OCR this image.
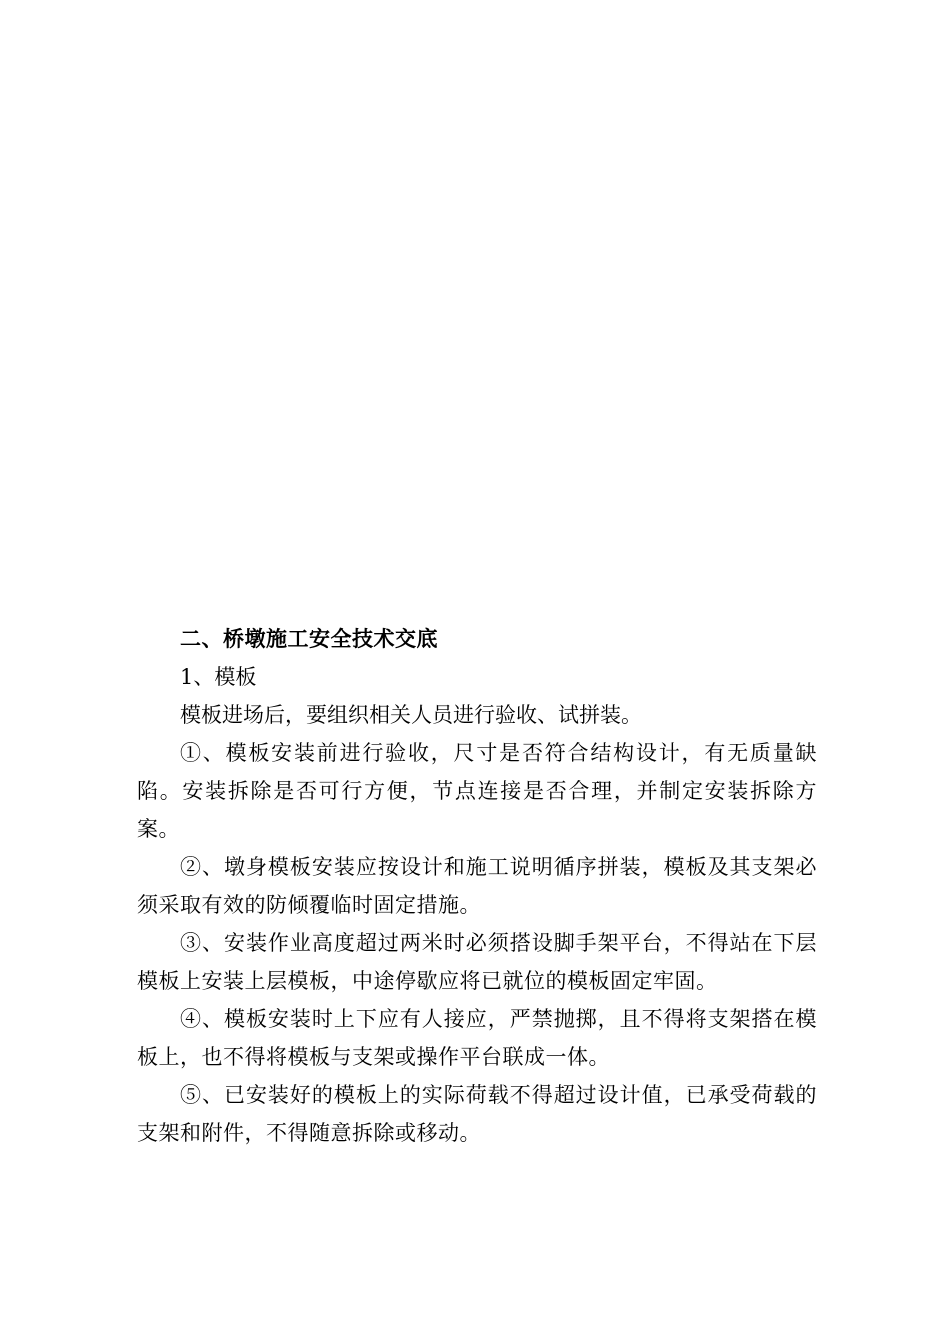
二、桥墩施工安全技术交底

1、模板

模板进场后，要组织相关人员进行验收、试拼装。

①、模板安装前进行验收，尺寸是否符合结构设计，有无质量缺陷。安装拆除是否可行方便，节点连接是否合理，并制定安装拆除方案。

②、墩身模板安装应按设计和施工说明循序拼装，模板及其支架必须采取有效的防倾覆临时固定措施。

③、安装作业高度超过两米时必须搭设脚手架平台，不得站在下层模板上安装上层模板，中途停歇应将已就位的模板固定牢固。

④、模板安装时上下应有人接应，严禁抛掷，且不得将支架搭在模板上，也不得将模板与支架或操作平台联成一体。

⑤、已安装好的模板上的实际荷载不得超过设计值，已承受荷载的支架和附件，不得随意拆除或移动。
